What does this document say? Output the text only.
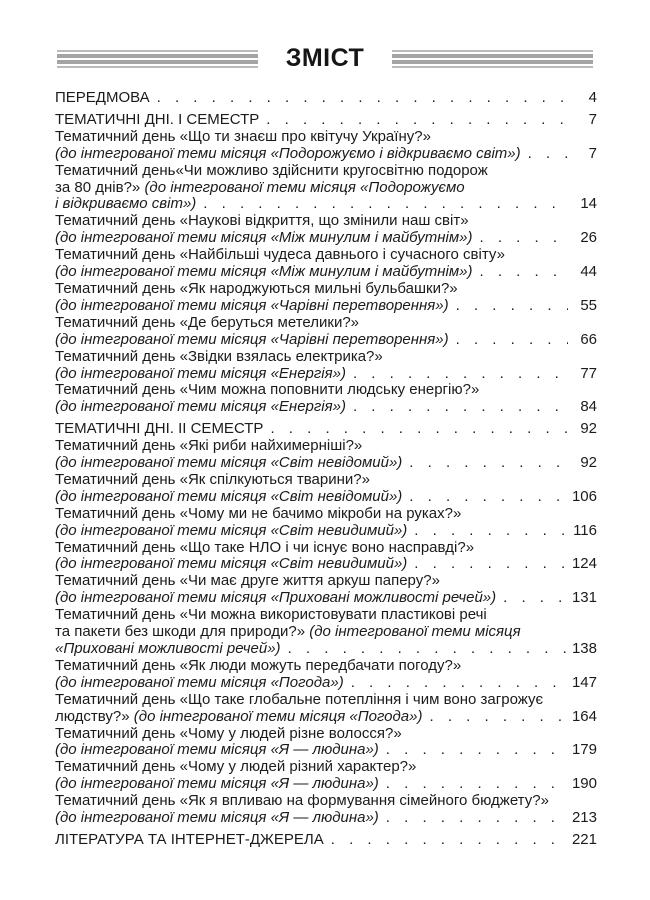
ЗМІСТ
ПЕРЕДМОВА . . .	4
ТЕМАТИЧНІ ДНІ. І СЕМЕСТР . . .	7
Тематичний день «Що ти знаєш про квітучу Україну?»
(до інтегрованої теми місяця «Подорожуємо і відкриваємо світ») . . .	7
Тематичний день«Чи можливо здійснити кругосвітню подорож
за 80 днів?» (до інтегрованої теми місяця «Подорожуємо
і відкриваємо світ») . . .	14
Тематичний день «Наукові відкриття, що змінили наш світ»
(до інтегрованої теми місяця «Між минулим і майбутнім») . . .	26
Тематичний день «Найбільші чудеса давнього і сучасного світу»
(до інтегрованої теми місяця «Між минулим і майбутнім») . . .	44
Тематичний день «Як народжуються мильні бульбашки?»
(до інтегрованої теми місяця «Чарівні перетворення») . . .	55
Тематичний день «Де беруться метелики?»
(до інтегрованої теми місяця «Чарівні перетворення») . . .	66
Тематичний день «Звідки взялась електрика?»
(до інтегрованої теми місяця «Енергія») . . .	77
Тематичний день «Чим можна поповнити людську енергію?»
(до інтегрованої теми місяця «Енергія») . . .	84
ТЕМАТИЧНІ ДНІ. ІІ СЕМЕСТР . . .	92
Тематичний день «Які риби найхимерніші?»
(до інтегрованої теми місяця «Світ невідомий») . . .	92
Тематичний день «Як спілкуються тварини?»
(до інтегрованої теми місяця «Світ невідомий») . . .	106
Тематичний день «Чому ми не бачимо мікроби на руках?»
(до інтегрованої теми місяця «Світ невидимий») . . .	116
Тематичний день «Що таке НЛО і чи існує воно насправді?»
(до інтегрованої теми місяця «Світ невидимий») . . .	124
Тематичний день «Чи має друге життя аркуш паперу?»
(до інтегрованої теми місяця «Приховані можливості речей») . . .	131
Тематичний день «Чи можна використовувати пластикові речі
та пакети без шкоди для природи?» (до інтегрованої теми місяця
«Приховані можливості речей») . . .	138
Тематичний день «Як люди можуть передбачати погоду?»
(до інтегрованої теми місяця «Погода») . . .	147
Тематичний день «Що таке глобальне потепління і чим воно загрожує
людству?» (до інтегрованої теми місяця «Погода») . . .	164
Тематичний день «Чому у людей різне волосся?»
(до інтегрованої теми місяця «Я — людина») . . .	179
Тематичний день «Чому у людей різний характер?»
(до інтегрованої теми місяця «Я — людина») . . .	190
Тематичний день «Як я впливаю на формування сімейного бюджету?»
(до інтегрованої теми місяця «Я — людина») . . .	213
ЛІТЕРАТУРА ТА ІНТЕРНЕТ-ДЖЕРЕЛА . . .	221
